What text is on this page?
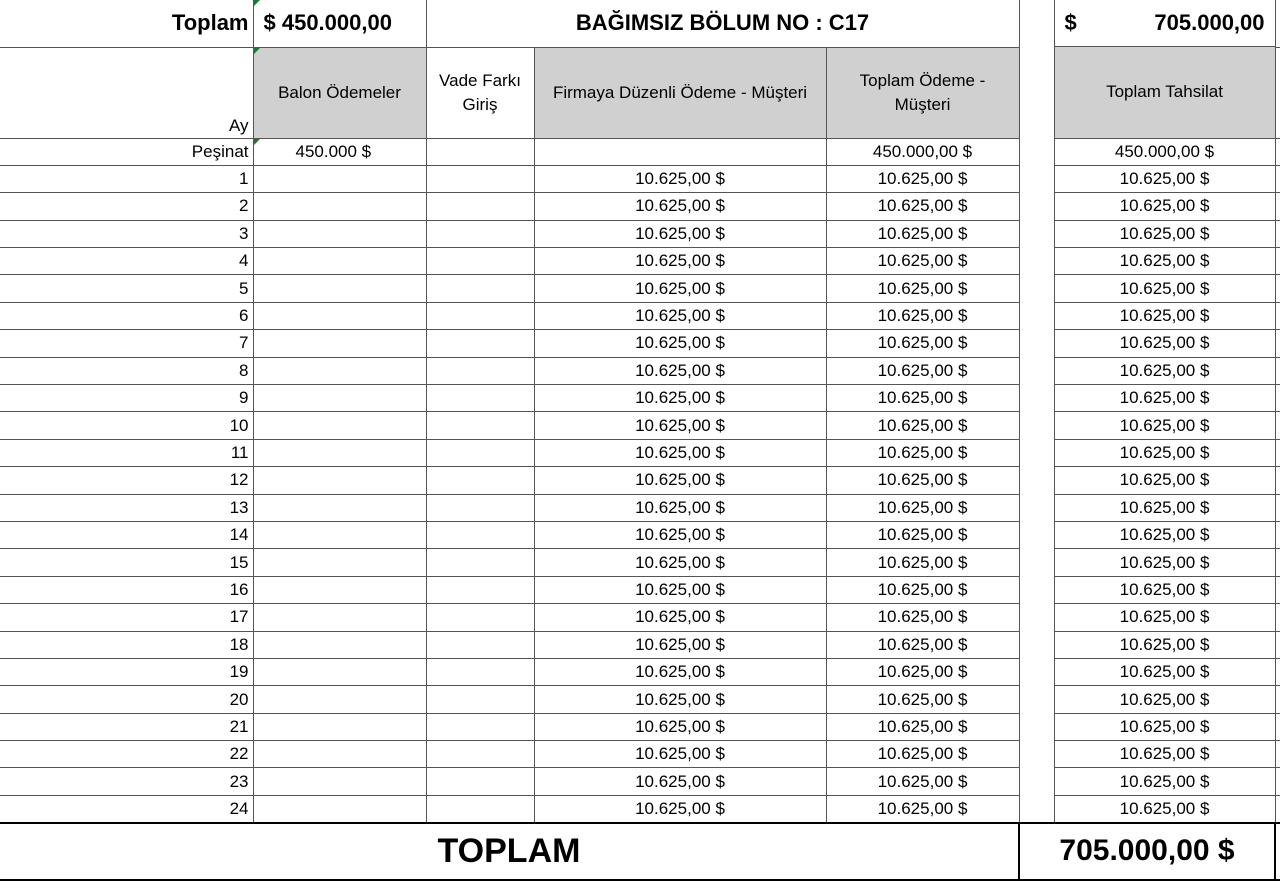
Toplam	$ 450.000,00	BAĞIMSIZ BÖLUM NO : C17			$	705.000,00

Ay	Balon Ödemeler	Vade Farkı Giriş	Firmaya Düzenli Ödeme - Müşteri	Toplam Ödeme - Müşteri		Toplam Tahsilat	
Peşinat	450.000 $			450.000,00 $		450.000,00 $	
1			10.625,00 $	10.625,00 $		10.625,00 $	
2			10.625,00 $	10.625,00 $		10.625,00 $	
3			10.625,00 $	10.625,00 $		10.625,00 $	
4			10.625,00 $	10.625,00 $		10.625,00 $	
5			10.625,00 $	10.625,00 $		10.625,00 $	
6			10.625,00 $	10.625,00 $		10.625,00 $	
7			10.625,00 $	10.625,00 $		10.625,00 $	
8			10.625,00 $	10.625,00 $		10.625,00 $	
9			10.625,00 $	10.625,00 $		10.625,00 $	
10			10.625,00 $	10.625,00 $		10.625,00 $	
11			10.625,00 $	10.625,00 $		10.625,00 $	
12			10.625,00 $	10.625,00 $		10.625,00 $	
13			10.625,00 $	10.625,00 $		10.625,00 $	
14			10.625,00 $	10.625,00 $		10.625,00 $	
15			10.625,00 $	10.625,00 $		10.625,00 $	
16			10.625,00 $	10.625,00 $		10.625,00 $	
17			10.625,00 $	10.625,00 $		10.625,00 $	
18			10.625,00 $	10.625,00 $		10.625,00 $	
19			10.625,00 $	10.625,00 $		10.625,00 $	
20			10.625,00 $	10.625,00 $		10.625,00 $	
21			10.625,00 $	10.625,00 $		10.625,00 $	
22			10.625,00 $	10.625,00 $		10.625,00 $	
23			10.625,00 $	10.625,00 $		10.625,00 $	
24			10.625,00 $	10.625,00 $		10.625,00 $	
TOPLAM					705.000,00 $		
